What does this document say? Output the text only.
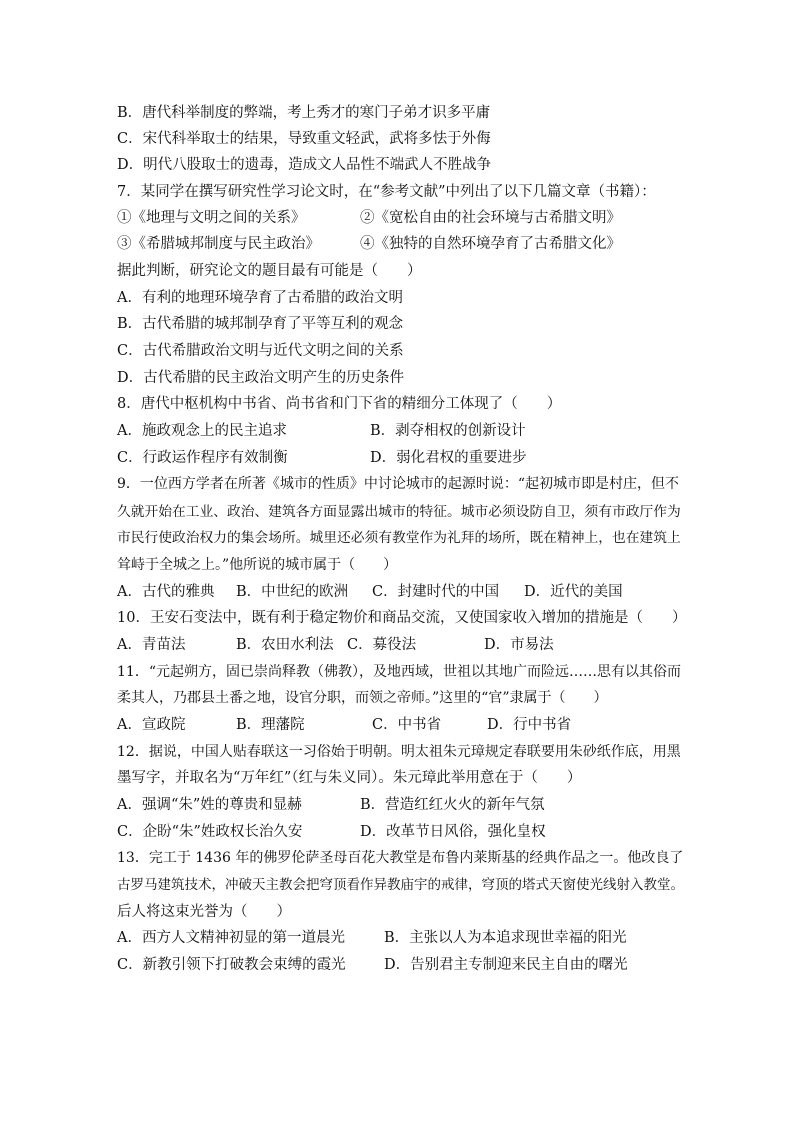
B．唐代科举制度的弊端，考上秀才的寒门子弟才识多平庸
C．宋代科举取士的结果，导致重文轻武，武将多怯于外侮
D．明代八股取士的遗毒，造成文人品性不端武人不胜战争
7．某同学在撰写研究性学习论文时，在“参考文献”中列出了以下几篇文章（书籍）：
①《地理与文明之间的关系》	②《宽松自由的社会环境与古希腊文明》
③《希腊城邦制度与民主政治》	④《独特的自然环境孕育了古希腊文化》
据此判断，研究论文的题目最有可能是（　　）
A．有利的地理环境孕育了古希腊的政治文明
B．古代希腊的城邦制孕育了平等互利的观念
C．古代希腊政治文明与近代文明之间的关系
D．古代希腊的民主政治文明产生的历史条件
8．唐代中枢机构中书省、尚书省和门下省的精细分工体现了（　　）
A．施政观念上的民主追求	B．剥夺相权的创新设计
C．行政运作程序有效制衡	D．弱化君权的重要进步
9．一位西方学者在所著《城市的性质》中讨论城市的起源时说：“起初城市即是村庄，但不
久就开始在工业、政治、建筑各方面显露出城市的特征。城市必须设防自卫，须有市政厅作为
市民行使政治权力的集会场所。城里还必须有教堂作为礼拜的场所，既在精神上，也在建筑上
耸峙于全城之上。”他所说的城市属于（　　）
A．古代的雅典 B．中世纪的欧洲 C．封建时代的中国 D．近代的美国
10．王安石变法中，既有利于稳定物价和商品交流，又使国家收入增加的措施是（　　）
A．青苗法	B．农田水利法 C．募役法	D．市易法
11．“元起朔方，固已崇尚释教（佛教），及地西域，世祖以其地广而险远……思有以其俗而
柔其人，乃郡县土番之地，设官分职，而领之帝师。”这里的“官”隶属于（　　）
A．宣政院	B．理藩院	C．中书省	D．行中书省
12．据说，中国人贴春联这一习俗始于明朝。明太祖朱元璋规定春联要用朱砂纸作底，用黑
墨写字，并取名为“万年红”（红与朱义同）。朱元璋此举用意在于（　　）
A．强调“朱”姓的尊贵和显赫	B．营造红红火火的新年气氛
C．企盼“朱”姓政权长治久安	D．改革节日风俗，强化皇权
13．完工于 1436 年的佛罗伦萨圣母百花大教堂是布鲁内莱斯基的经典作品之一。他改良了
古罗马建筑技术，冲破天主教会把穹顶看作异教庙宇的戒律，穹顶的塔式天窗使光线射入教堂。
后人将这束光誉为（　　）
A．西方人文精神初显的第一道晨光	B．主张以人为本追求现世幸福的阳光
C．新教引领下打破教会束缚的霞光	D．告别君主专制迎来民主自由的曙光
